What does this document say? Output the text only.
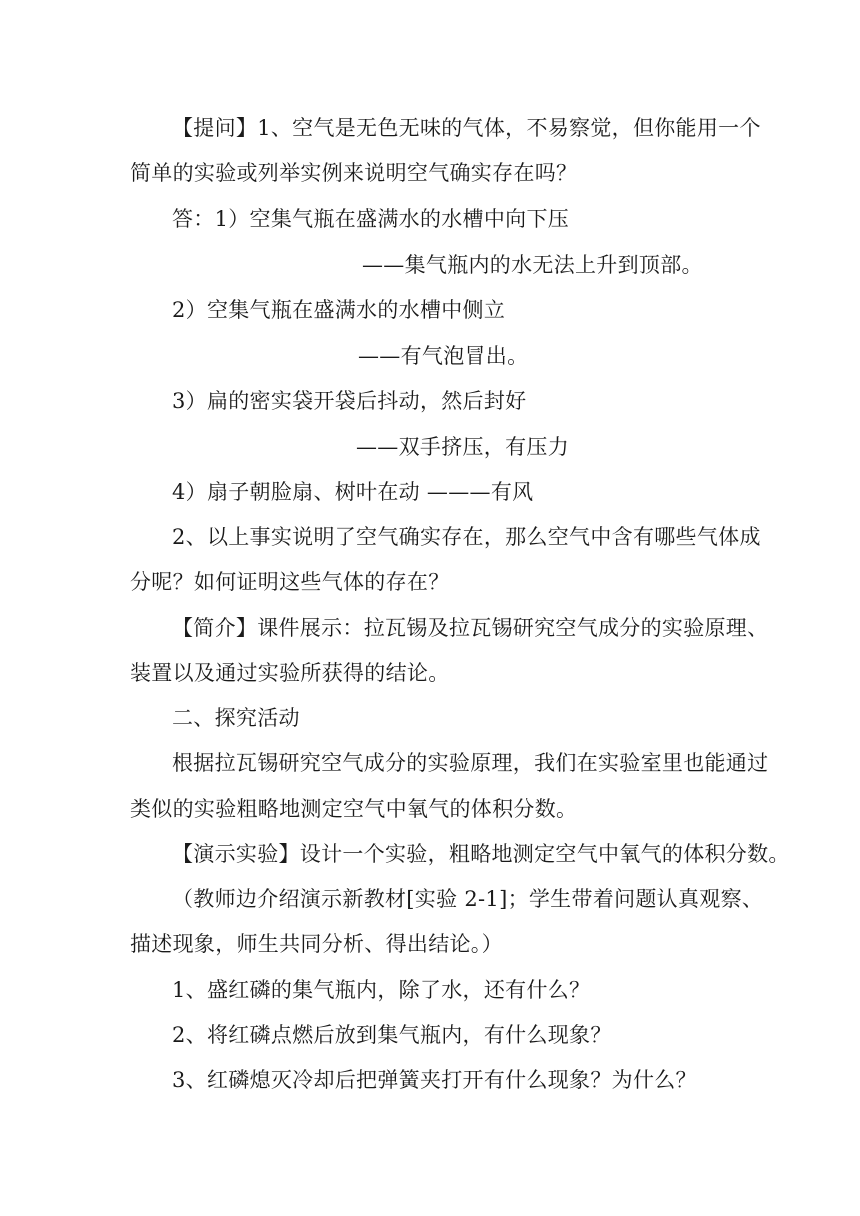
【提问】1、空气是无色无味的气体，不易察觉，但你能用一个
简单的实验或列举实例来说明空气确实存在吗？
答：1）空集气瓶在盛满水的水槽中向下压
——集气瓶内的水无法上升到顶部。
2）空集气瓶在盛满水的水槽中侧立
——有气泡冒出。
3）扁的密实袋开袋后抖动，然后封好
——双手挤压，有压力
4）扇子朝脸扇、树叶在动 ———有风
2、以上事实说明了空气确实存在，那么空气中含有哪些气体成
分呢？如何证明这些气体的存在？
【简介】课件展示：拉瓦锡及拉瓦锡研究空气成分的实验原理、
装置以及通过实验所获得的结论。
二、探究活动
根据拉瓦锡研究空气成分的实验原理，我们在实验室里也能通过
类似的实验粗略地测定空气中氧气的体积分数。
【演示实验】设计一个实验，粗略地测定空气中氧气的体积分数。
（教师边介绍演示新教材[实验 2-1]；学生带着问题认真观察、
描述现象，师生共同分析、得出结论。）
1、盛红磷的集气瓶内，除了水，还有什么？
2、将红磷点燃后放到集气瓶内，有什么现象？
3、红磷熄灭冷却后把弹簧夹打开有什么现象？为什么？
